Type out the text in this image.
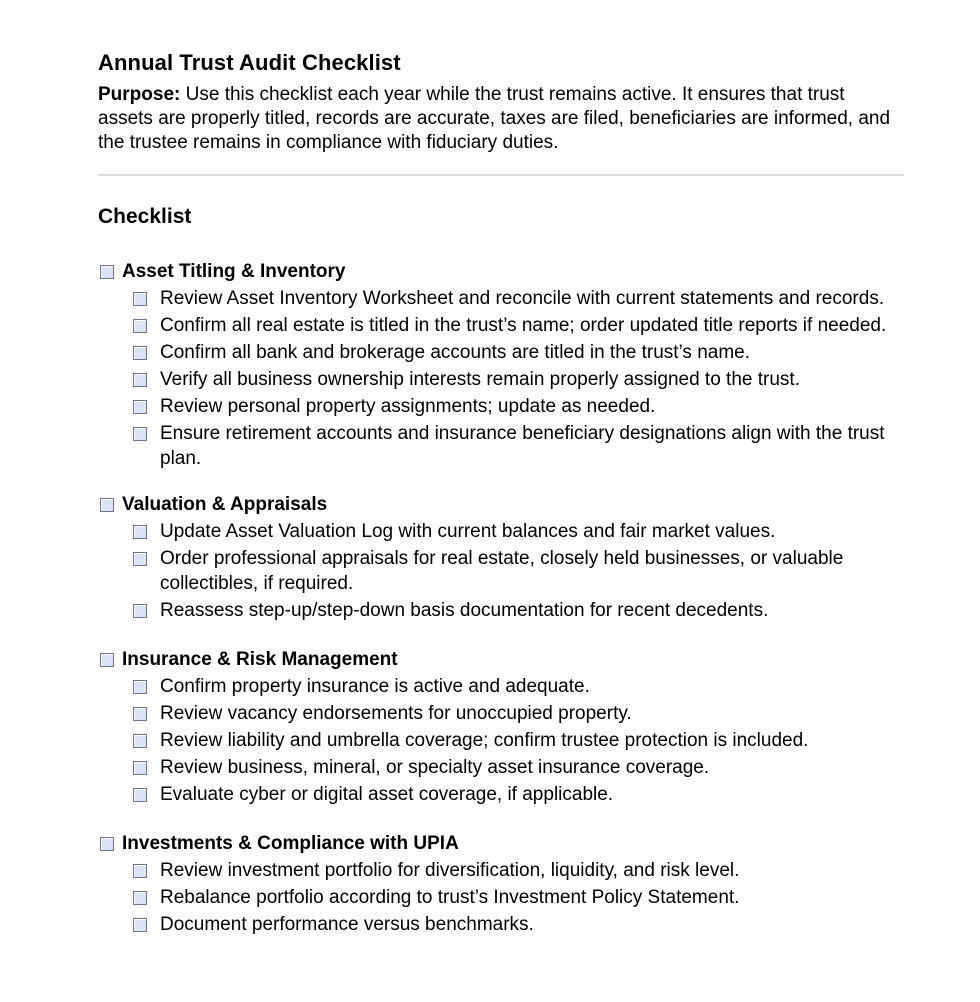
Annual Trust Audit Checklist

Purpose: Use this checklist each year while the trust remains active. It ensures that trust assets are properly titled, records are accurate, taxes are filed, beneficiaries are informed, and the trustee remains in compliance with fiduciary duties.

Checklist
Asset Titling & Inventory
Review Asset Inventory Worksheet and reconcile with current statements and records.
Confirm all real estate is titled in the trust’s name; order updated title reports if needed.
Confirm all bank and brokerage accounts are titled in the trust’s name.
Verify all business ownership interests remain properly assigned to the trust.
Review personal property assignments; update as needed.
Ensure retirement accounts and insurance beneficiary designations align with the trust plan.
Valuation & Appraisals
Update Asset Valuation Log with current balances and fair market values.
Order professional appraisals for real estate, closely held businesses, or valuable collectibles, if required.
Reassess step-up/step-down basis documentation for recent decedents.
Insurance & Risk Management
Confirm property insurance is active and adequate.
Review vacancy endorsements for unoccupied property.
Review liability and umbrella coverage; confirm trustee protection is included.
Review business, mineral, or specialty asset insurance coverage.
Evaluate cyber or digital asset coverage, if applicable.
Investments & Compliance with UPIA
Review investment portfolio for diversification, liquidity, and risk level.
Rebalance portfolio according to trust’s Investment Policy Statement.
Document performance versus benchmarks.
